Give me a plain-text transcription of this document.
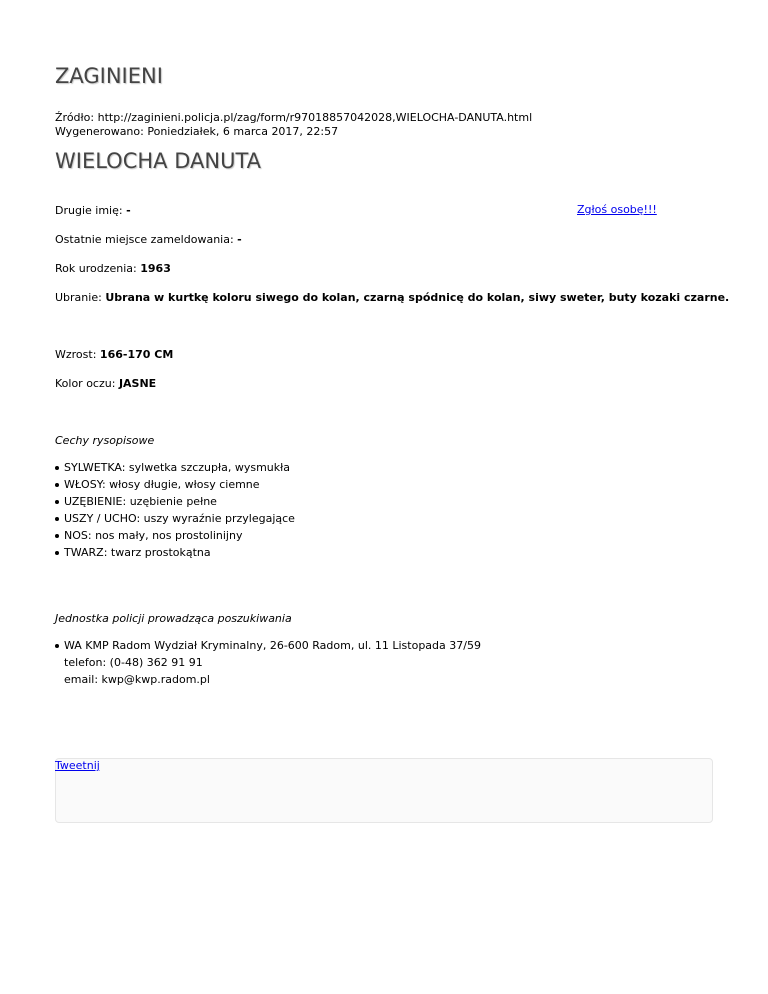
ZAGINIENI
Źródło: http://zaginieni.policja.pl/zag/form/r97018857042028,WIELOCHA-DANUTA.html
Wygenerowano: Poniedziałek, 6 marca 2017, 22:57
WIELOCHA DANUTA
Drugie imię: -	Zgłoś osobę!!!
Ostatnie miejsce zameldowania: -
Rok urodzenia: 1963
Ubranie: Ubrana w kurtkę koloru siwego do kolan, czarną spódnicę do kolan, siwy sweter, buty kozaki czarne.
Wzrost: 166-170 CM
Kolor oczu: JASNE
Cechy rysopisowe
SYLWETKA: sylwetka szczupła, wysmukła
WŁOSY: włosy długie, włosy ciemne
UZĘBIENIE: uzębienie pełne
USZY / UCHO: uszy wyraźnie przylegające
NOS: nos mały, nos prostolinijny
TWARZ: twarz prostokątna
Jednostka policji prowadząca poszukiwania
WA KMP Radom Wydział Kryminalny, 26-600 Radom, ul. 11 Listopada 37/59
telefon: (0-48) 362 91 91
email: kwp@kwp.radom.pl
Tweetnij
